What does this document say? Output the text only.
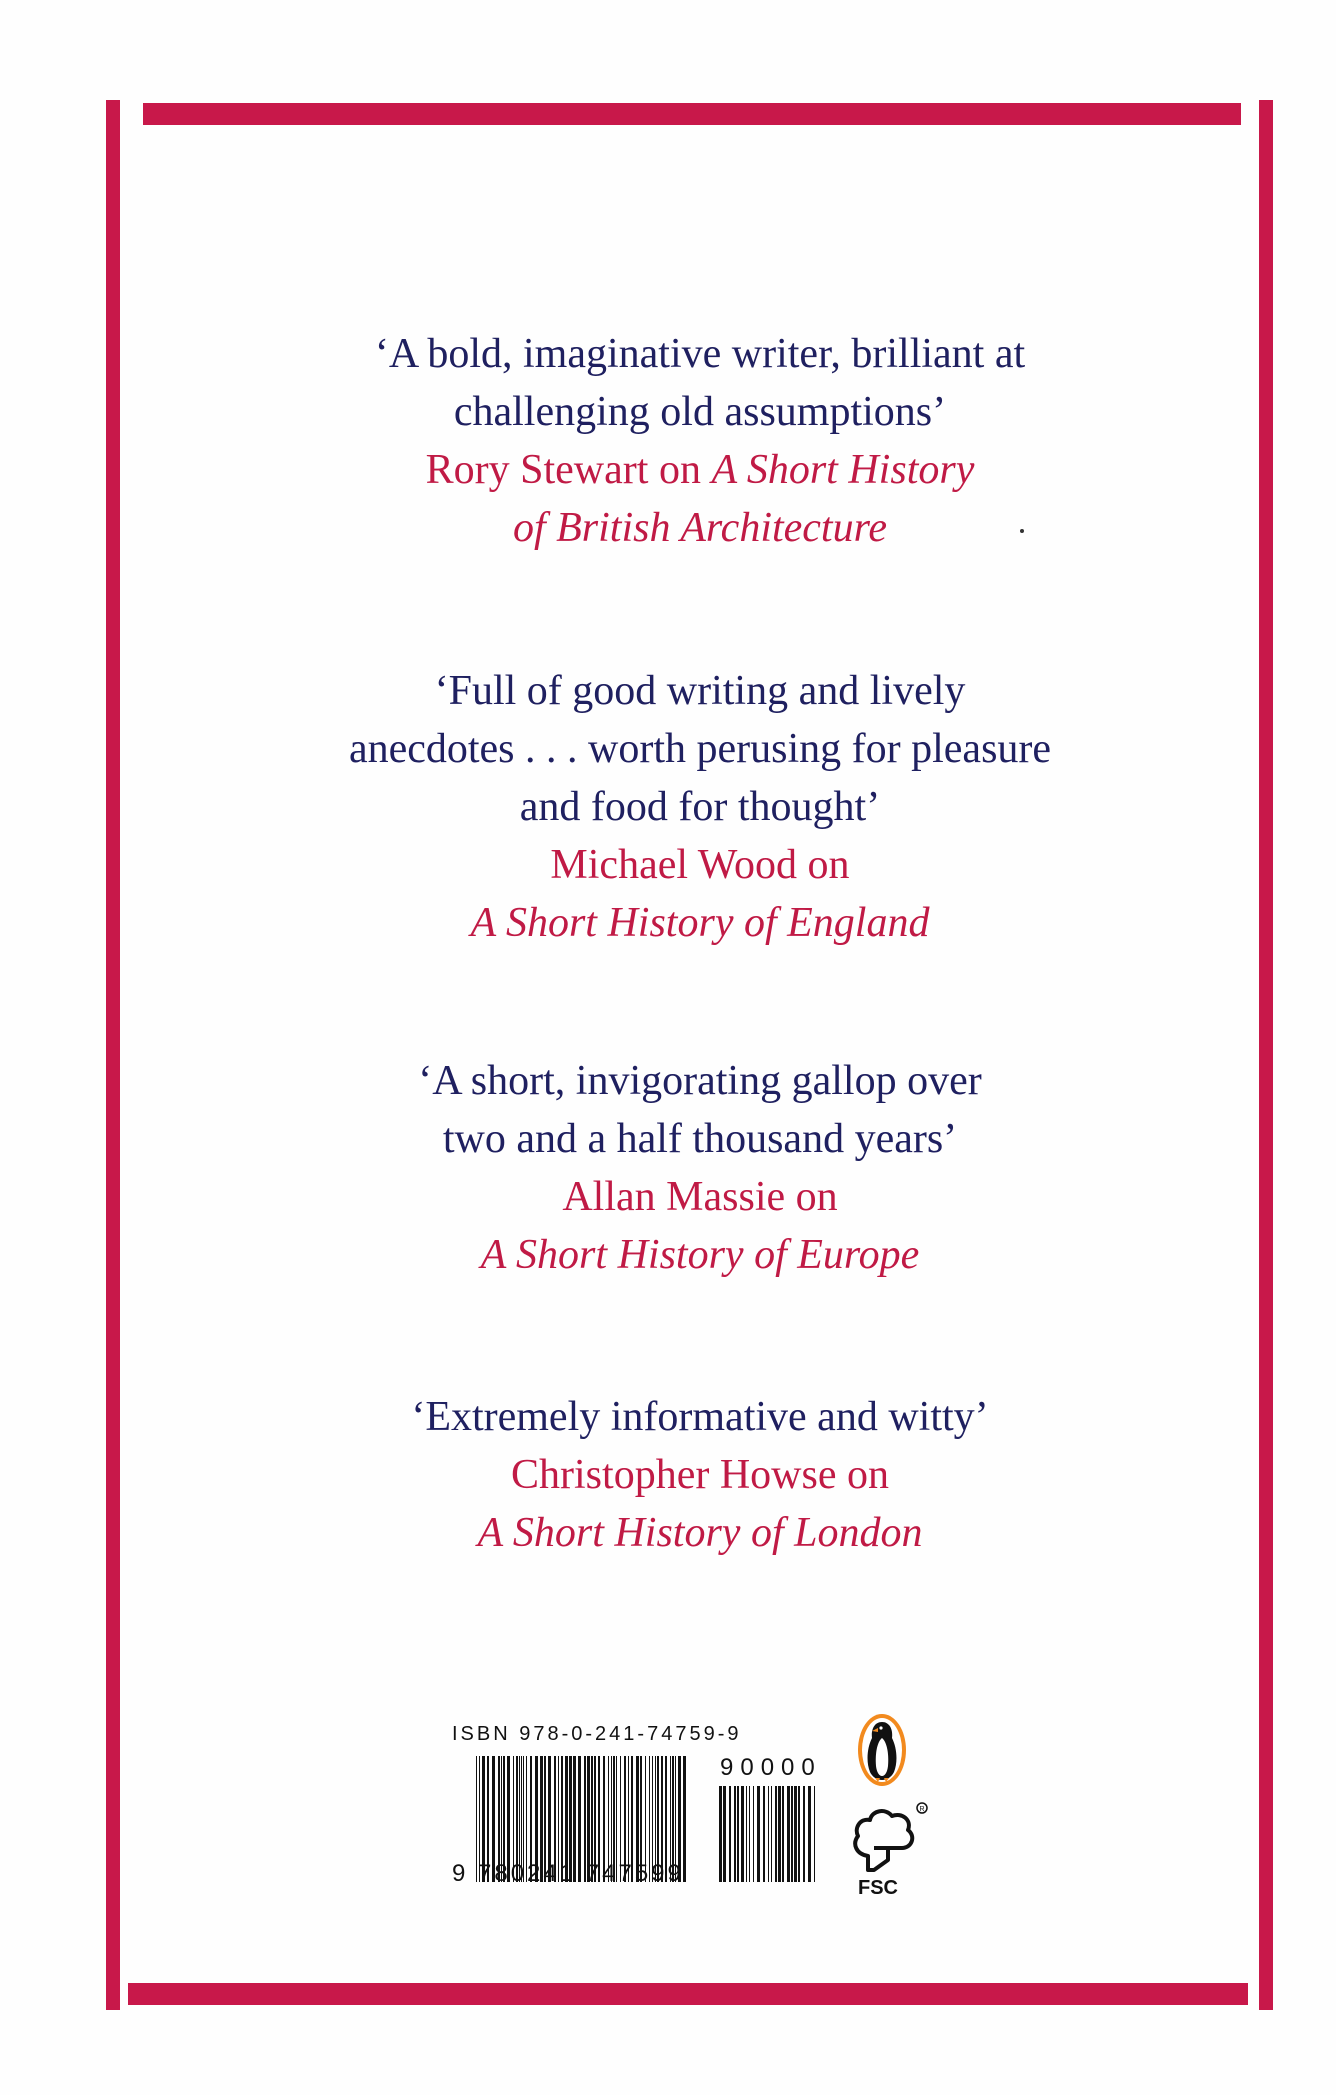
‘A bold, imaginative writer, brilliant at
challenging old assumptions’
Rory Stewart on A Short History
of British Architecture
‘Full of good writing and lively
anecdotes . . . worth perusing for pleasure
and food for thought’
Michael Wood on
A Short History of England
‘A short, invigorating gallop over
two and a half thousand years’
Allan Massie on
A Short History of Europe
‘Extremely informative and witty’
Christopher Howse on
A Short History of London
ISBN 978-0-241-74759-9
90000
9 780241 747599
R
FSC
